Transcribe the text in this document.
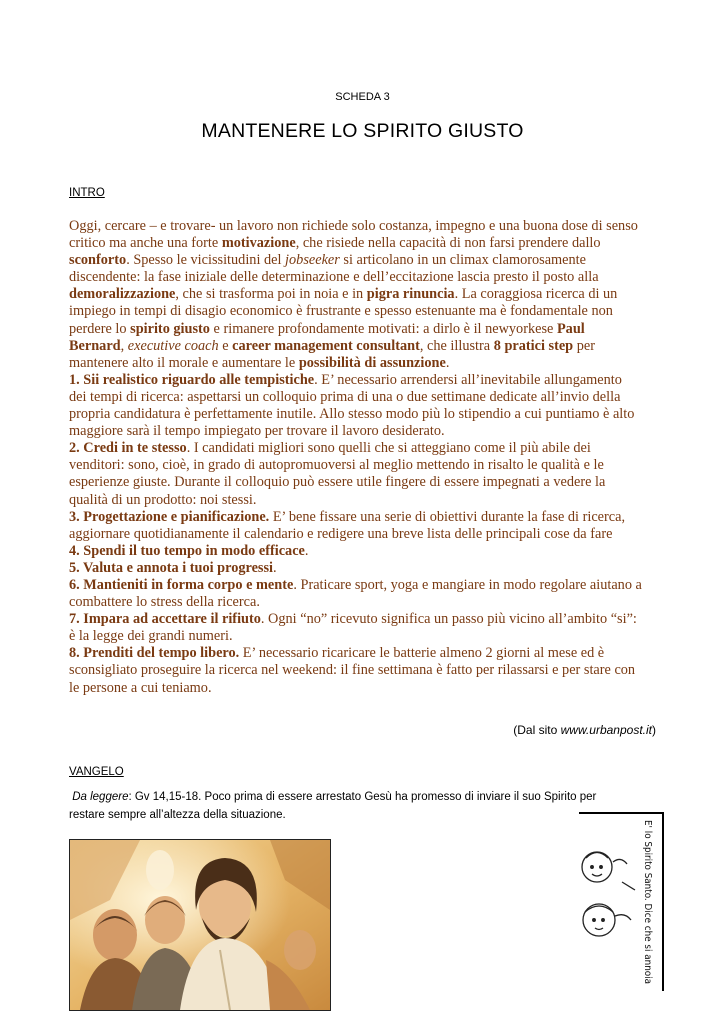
SCHEDA 3
MANTENERE LO SPIRITO GIUSTO
INTRO
Oggi, cercare – e trovare- un lavoro non richiede solo costanza, impegno e una buona dose di senso
critico ma anche una forte motivazione, che risiede nella capacità di non farsi prendere dallo
sconforto. Spesso le vicissitudini del jobseeker si articolano in un climax clamorosamente
discendente: la fase iniziale delle determinazione e dell’eccitazione lascia presto il posto alla
demoralizzazione, che si trasforma poi in noia e in pigra rinuncia. La coraggiosa ricerca di un
impiego in tempi di disagio economico è frustrante e spesso estenuante ma è fondamentale non
perdere lo spirito giusto e rimanere profondamente motivati: a dirlo è il newyorkese Paul
Bernard, executive coach e career management consultant, che illustra 8 pratici step per
mantenere alto il morale e aumentare le possibilità di assunzione.
1. Sii realistico riguardo alle tempistiche. E’ necessario arrendersi all’inevitabile allungamento
dei tempi di ricerca: aspettarsi un colloquio prima di una o due settimane dedicate all’invio della
propria candidatura è perfettamente inutile. Allo stesso modo più lo stipendio a cui puntiamo è alto
maggiore sarà il tempo impiegato per trovare il lavoro desiderato.
2. Credi in te stesso. I candidati migliori sono quelli che si atteggiano come il più abile dei
venditori: sono, cioè, in grado di autopromuoversi al meglio mettendo in risalto le qualità e le
esperienze giuste. Durante il colloquio può essere utile fingere di essere impegnati a vedere la
qualità di un prodotto: noi stessi.
3. Progettazione e pianificazione. E’ bene fissare una serie di obiettivi durante la fase di ricerca,
aggiornare quotidianamente il calendario e redigere una breve lista delle principali cose da fare
4. Spendi il tuo tempo in modo efficace.
5. Valuta e annota i tuoi progressi.
6. Mantieniti in forma corpo e mente. Praticare sport, yoga e mangiare in modo regolare aiutano a
combattere lo stress della ricerca.
7. Impara ad accettare il rifiuto. Ogni “no” ricevuto significa un passo più vicino all’ambito “si”:
è la legge dei grandi numeri.
8. Prenditi del tempo libero. E’ necessario ricaricare le batterie almeno 2 giorni al mese ed è
sconsigliato proseguire la ricerca nel weekend: il fine settimana è fatto per rilassarsi e per stare con
le persone a cui teniamo.
(Dal sito www.urbanpost.it)
VANGELO
Da leggere: Gv 14,15-18. Poco prima di essere arrestato Gesù ha promesso di inviare il suo Spirito per
restare sempre all’altezza della situazione.
E' lo Spirito Santo. Dice che si annoia
